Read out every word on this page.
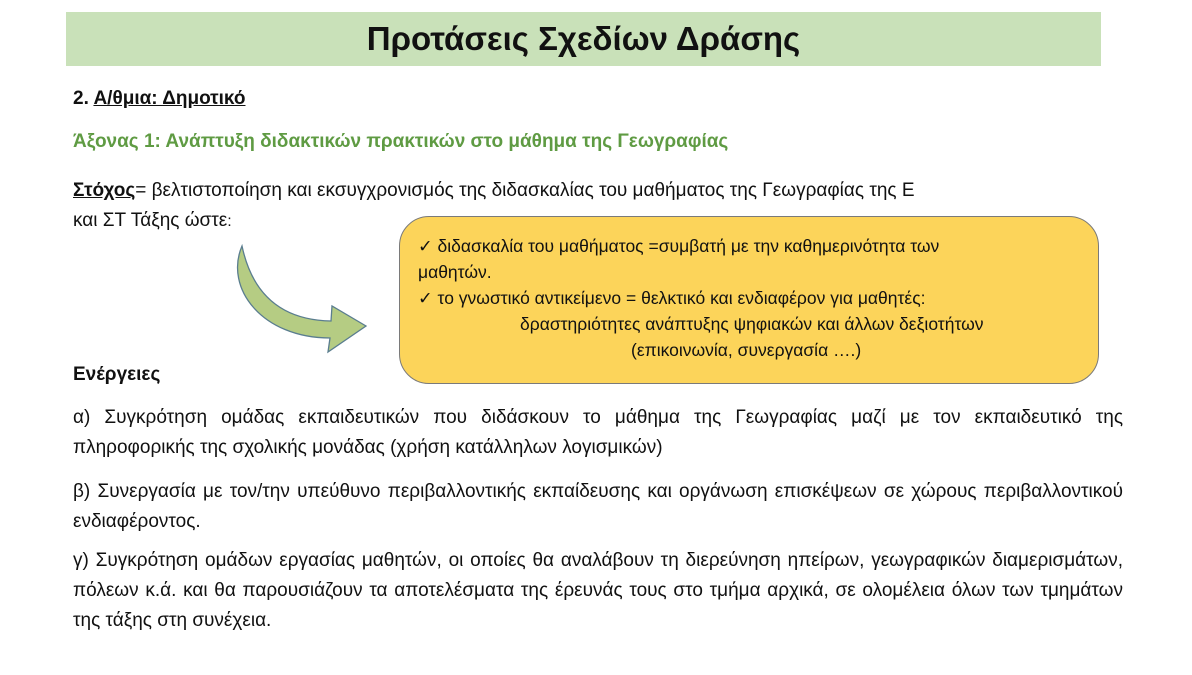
Προτάσεις Σχεδίων Δράσης
2. Α/θμια: Δημοτικό
Άξονας 1: Ανάπτυξη διδακτικών πρακτικών στο μάθημα της Γεωγραφίας
Στόχος= βελτιστοποίηση και εκσυγχρονισμός της διδασκαλίας του μαθήματος της Γεωγραφίας της Ε
και ΣΤ Τάξης ώστε:
✓ διδασκαλία του μαθήματος =συμβατή με την καθημερινότητα των
μαθητών.
✓ το γνωστικό αντικείμενο = θελκτικό και ενδιαφέρον για μαθητές:
δραστηριότητες ανάπτυξης ψηφιακών και άλλων δεξιοτήτων
(επικοινωνία, συνεργασία ….)
Ενέργειες
α) Συγκρότηση ομάδας εκπαιδευτικών που διδάσκουν το μάθημα της Γεωγραφίας μαζί με τον εκπαιδευτικό της πληροφορικής της σχολικής μονάδας (χρήση κατάλληλων λογισμικών)
β) Συνεργασία με τον/την υπεύθυνο περιβαλλοντικής εκπαίδευσης και οργάνωση επισκέψεων σε χώρους περιβαλλοντικού ενδιαφέροντος.
γ) Συγκρότηση ομάδων εργασίας μαθητών, οι οποίες θα αναλάβουν τη διερεύνηση ηπείρων, γεωγραφικών διαμερισμάτων, πόλεων κ.ά. και θα παρουσιάζουν τα αποτελέσματα της έρευνάς τους στο τμήμα αρχικά, σε ολομέλεια όλων των τμημάτων της τάξης στη συνέχεια.
